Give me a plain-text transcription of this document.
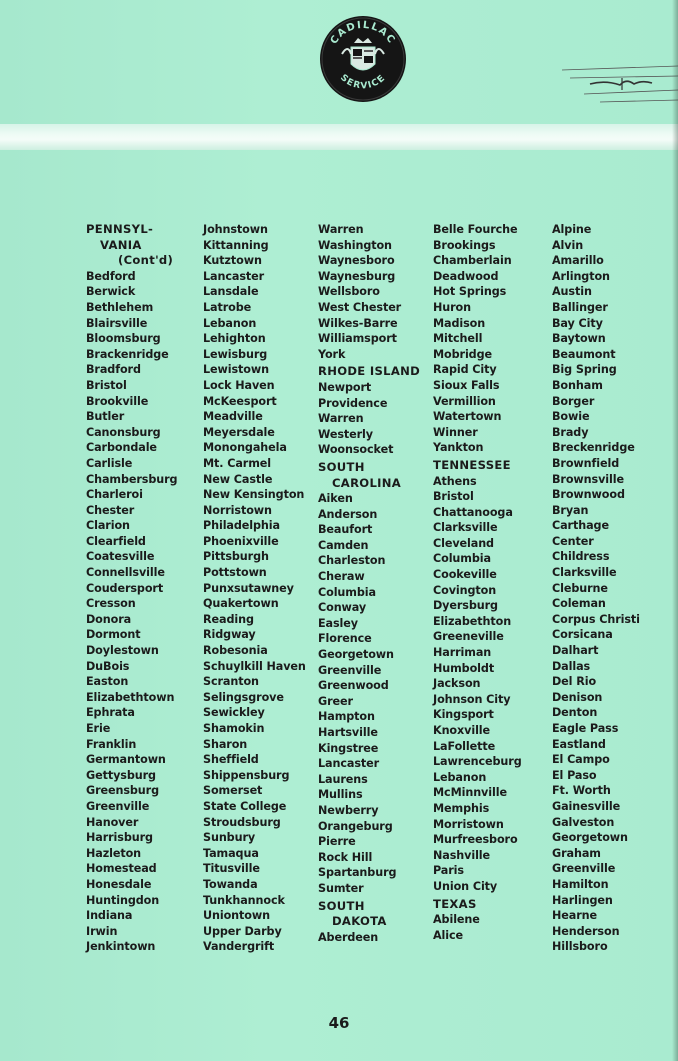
CADILLAC
SERVICE
PENNSYL-
VANIA
(Cont'd)
Bedford
Berwick
Bethlehem
Blairsville
Bloomsburg
Brackenridge
Bradford
Bristol
Brookville
Butler
Canonsburg
Carbondale
Carlisle
Chambersburg
Charleroi
Chester
Clarion
Clearfield
Coatesville
Connellsville
Coudersport
Cresson
Donora
Dormont
Doylestown
DuBois
Easton
Elizabethtown
Ephrata
Erie
Franklin
Germantown
Gettysburg
Greensburg
Greenville
Hanover
Harrisburg
Hazleton
Homestead
Honesdale
Huntingdon
Indiana
Irwin
Jenkintown
Johnstown
Kittanning
Kutztown
Lancaster
Lansdale
Latrobe
Lebanon
Lehighton
Lewisburg
Lewistown
Lock Haven
McKeesport
Meadville
Meyersdale
Monongahela
Mt. Carmel
New Castle
New Kensington
Norristown
Philadelphia
Phoenixville
Pittsburgh
Pottstown
Punxsutawney
Quakertown
Reading
Ridgway
Robesonia
Schuylkill Haven
Scranton
Selingsgrove
Sewickley
Shamokin
Sharon
Sheffield
Shippensburg
Somerset
State College
Stroudsburg
Sunbury
Tamaqua
Titusville
Towanda
Tunkhannock
Uniontown
Upper Darby
Vandergrift
Warren
Washington
Waynesboro
Waynesburg
Wellsboro
West Chester
Wilkes-Barre
Williamsport
York
RHODE ISLAND
Newport
Providence
Warren
Westerly
Woonsocket
SOUTH
CAROLINA
Aiken
Anderson
Beaufort
Camden
Charleston
Cheraw
Columbia
Conway
Easley
Florence
Georgetown
Greenville
Greenwood
Greer
Hampton
Hartsville
Kingstree
Lancaster
Laurens
Mullins
Newberry
Orangeburg
Pierre
Rock Hill
Spartanburg
Sumter
SOUTH
DAKOTA
Aberdeen
Belle Fourche
Brookings
Chamberlain
Deadwood
Hot Springs
Huron
Madison
Mitchell
Mobridge
Rapid City
Sioux Falls
Vermillion
Watertown
Winner
Yankton
TENNESSEE
Athens
Bristol
Chattanooga
Clarksville
Cleveland
Columbia
Cookeville
Covington
Dyersburg
Elizabethton
Greeneville
Harriman
Humboldt
Jackson
Johnson City
Kingsport
Knoxville
LaFollette
Lawrenceburg
Lebanon
McMinnville
Memphis
Morristown
Murfreesboro
Nashville
Paris
Union City
TEXAS
Abilene
Alice
Alpine
Alvin
Amarillo
Arlington
Austin
Ballinger
Bay City
Baytown
Beaumont
Big Spring
Bonham
Borger
Bowie
Brady
Breckenridge
Brownfield
Brownsville
Brownwood
Bryan
Carthage
Center
Childress
Clarksville
Cleburne
Coleman
Corpus Christi
Corsicana
Dalhart
Dallas
Del Rio
Denison
Denton
Eagle Pass
Eastland
El Campo
El Paso
Ft. Worth
Gainesville
Galveston
Georgetown
Graham
Greenville
Hamilton
Harlingen
Hearne
Henderson
Hillsboro
46
